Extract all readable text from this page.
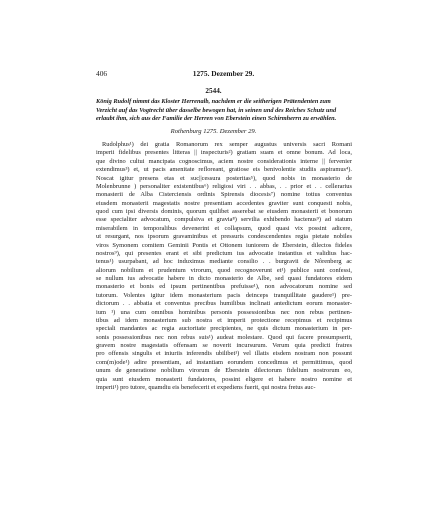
406	1275. Dezember 29.
2544.
König Rudolf nimmt das Kloster Herrenalb, nachdem er die seitherigen Prätendenten zum
Verzicht auf das Vogtrecht über dasselbe bewogen hat, in seinen und des Reiches Schutz und
erlaubt ihm, sich aus der Familie der Herren von Eberstein einen Schirmherrn zu erwählen.
Rothenburg 1275. Dezember 29.
Rudolphus¹) dei gratia Romanorum rex semper augustus universis sacri Romani
imperii fidelibus presentes litteras || inspecturis²) gratiam suam et omne bonum. Ad loca,
que divino cultui mancipata cognoscimus, aciem nostre considerationis interne || fervenier
extendimus³) et, ut pacis amenitate refloreant, gratiose eis benivolentie studiis aspiramus⁴).
Noscat igitur presens etas et suc||cessura posteritas⁵), quod nobis in monasterio de
Molenbrunne ) personaliter existentibus⁶) religiosi viri . . abbas, . . prior et . . cellerarius
monasterii de Alba Cisterciensis ordinis Spirensis diocesis⁷) nomine totius conventus
eiusdem monasterii magestatis nostre presentiam accedentes graviter sunt conquesti nobis,
quod cum ipsi diversis dominis, quorum quilibet asserebat se eiusdem monasterii et bonorum
esse specialiter advocatum, compulsiva et gravia⁸) servilia exhibendo hactenus⁹) ad statum
miserabilem in temporalibus devenerint et collapsum, quod quasi vix possint adicere,
ut resurgant, nos ipsorum gravaminibus et pressuris condescendentes regia pietate nobiles
viros Symonem comitem Geminii Pontis et Ottonem iuniorem de Eberstein, dilectos fideles
nostros⁹), qui presentes erant et sibi predictum ius advocatie instantius et validius hac-
tenus¹) usurpabant, ad hoc induximus mediante consilio . . burgravii de Nôrenberg ac
aliorum nobilium et prudentum virorum, quod recognoverunt et¹) publice sunt confessi,
se nullum ius advocatie habere in dicto monasterio de Albe, sed quasi fundatores eidem
monasterio et bonis ed ipsum pertinentibus prefuisse¹), non advocatorum nomine sed
tutorum. Volentes igitur idem monasterium pacis deinceps tranquillitate gaudere¹) pre-
dictorum . . abbatia et conventus precibus humilibus inclinati antedictum eorum monaster-
ium ¹) una cum omnibus hominibus personis possessionibus nec non rebus pertinen-
tibus ad idem monasterium sub nostra et imperii protectione recepimus et recipimus
speciali mandantes ac regia auctoritate precipientes, ne quis dictum monasterium in per-
sonis possessionibus nec non rebus suis¹) audeat molestare. Quod qui facere presumpserit,
gravem nostre magestatis offensam se noverit incursurum. Verum quia predicti fratres
pro offensis singulis et iniuriis inferendis ubilibet¹) vel illatis eisdem nostram non possunt
com(m)ode¹) adire presentiam, ad instantiam eorundem concedimus et permittimus, quod
unum de generatione nobilium virorum de Eberstein dilectorum fidelium nostrorum eo,
quia sunt eiusdem monasterii fundatores, possint eligere et habere nostro nomine et
imperii¹) pro tutore, quamdiu eis benefecerit et expediens fuerit, qui nostra fretus auc-
